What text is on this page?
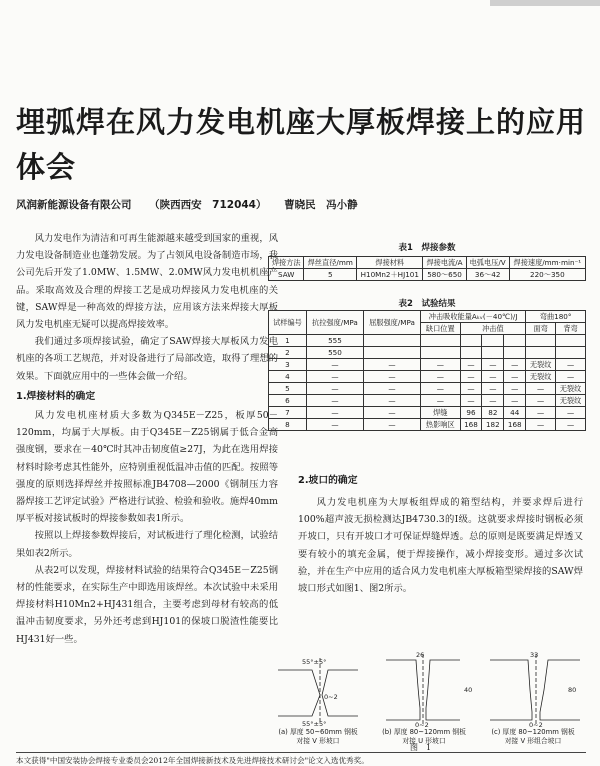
埋弧焊在风力发电机座大厚板焊接上的应用体会
风润新能源设备有限公司 （陕西西安　712044） 曹晓民　冯小静

风力发电作为清洁和可再生能源越来越受到国家的重视，风力发电设备制造业也蓬勃发展。为了占领风电设备制造市场，我公司先后开发了1.0MW、1.5MW、2.0MW风力发电机机座产品。采取高效及合理的焊接工艺是成功焊接风力发电机座的关键，SAW焊是一种高效的焊接方法，应用该方法来焊接大厚板风力发电机座无疑可以提高焊接效率。

我们通过多项焊接试验，确定了SAW焊接大厚板风力发电机座的各项工艺规范，并对设备进行了局部改造，取得了理想的效果。下面就应用中的一些体会做一介绍。

1.焊接材料的确定

风力发电机座材质大多数为Q345E－Z25，板厚50－120mm，均属于大厚板。由于Q345E－Z25钢属于低合金高强度钢，要求在－40℃时其冲击韧度值≥27J，为此在选用焊接材料时除考虑其性能外，应特别重视低温冲击值的匹配。按照等强度的原则选择焊丝并按照标准JB4708—2000《钢制压力容器焊接工艺评定试验》严格进行试验、检验和验收。施焊40mm厚平板对接试板时的焊接参数如表1所示。

按照以上焊接参数焊接后，对试板进行了理化检测，试验结果如表2所示。

从表2可以发现，焊接材料试验的结果符合Q345E－Z25钢材的性能要求，在实际生产中即选用该焊丝。本次试验中未采用焊接材料H10Mn2+HJ431组合，主要考虑到母材有较高的低温冲击韧度要求，另外还考虑到HJ101的保坡口脱渣性能要比HJ431好一些。

表1　焊接参数
焊接方法	焊丝直径/mm	焊接材料	焊接电流/A	电弧电压/V	焊接速度/mm·min⁻¹
SAW	5	H10Mn2＋HJ101	580～650	36～42	220～350
表2　试验结果
试样编号	抗拉强度/MPa	屈服强度/MPa	冲击吸收能量Aₖᵥ(－40℃)/J				弯曲180°	
			缺口位置	冲击值			面弯	背弯
1	555							
2	550							
3	—	—	—	—	—	—	无裂纹	—
4	—	—	—	—	—	—	无裂纹	—
5	—	—	—	—	—	—	—	无裂纹
6	—	—	—	—	—	—	—	无裂纹
7	—	—	焊缝	96	82	44	—	—
8	—	—	热影响区	168	182	168	—	—
2.坡口的确定

风力发电机座为大厚板组焊成的箱型结构，并要求焊后进行100%超声波无损检测达JB4730.3的Ⅰ级。这就要求焊接时钢板必须开坡口，只有开坡口才可保证焊缝焊透。总的原则是既要满足焊透又要有较小的填充金属，便于焊接操作，减小焊接变形。通过多次试验，并在生产中应用的适合风力发电机座大厚板箱型梁焊接的SAW焊坡口形式如图1、图2所示。

55°±5°
55°±5°
0~2
26
0~2
40
33
0~2
80
(a) 厚度 50~60mm 钢板
对接 V 形坡口
(b) 厚度 80~120mm 钢板
对接 U 形坡口
(c) 厚度 80~120mm 钢板
对接 V 形组合坡口
图　1
本文获得"中国安装协会焊接专业委员会2012年全国焊接新技术及先进焊接技术研讨会"论文入选优秀奖。
